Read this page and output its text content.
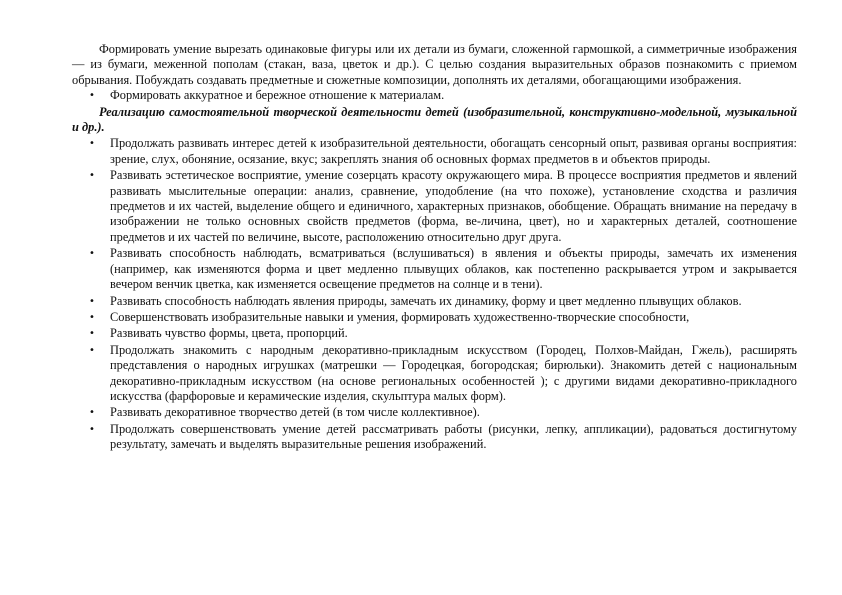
Формировать умение вырезать одинаковые фигуры или их детали из бумаги, сложенной гармошкой, а симметричные изображения — из бумаги, меженной пополам (стакан, ваза, цветок и др.). С целью создания выразительных образов познакомить с приемом обрывания. Побуждать создавать предметные и сюжетные композиции, дополнять их деталями, обогащающими изображения.

• Формировать аккуратное и бережное отношение к материалам.

Реализацию самостоятельной творческой деятельности детей (изобразительной, конструктивно-модельной, музыкальной и др.).

• Продолжать развивать интерес детей к изобразительной деятельности, обогащать сенсорный опыт, развивая органы восприятия: зрение, слух, обоняние, осязание, вкус; закреплять знания об основных формах предметов в и объектов природы.
• Развивать эстетическое восприятие, умение созерцать красоту окружающего мира. В процессе восприятия предметов и явлений развивать мыслительные операции: анализ, сравнение, уподобление (на что похоже), установление сходства и различия предметов и их частей, выделение общего и единичного, характерных признаков, обобщение. Обращать внимание на передачу в изображении не только основных свойств предметов (форма, ве-личина, цвет), но и характерных деталей, соотношение предметов и их частей по величине, высоте, расположению относительно друг друга.
• Развивать способность наблюдать, всматриваться (вслушиваться) в явления и объекты природы, замечать их изменения (например, как изменяются форма и цвет медленно плывущих облаков, как постепенно раскрывается утром и закрывается вечером венчик цветка, как изменяется освещение предметов на солнце и в тени).
• Развивать способность наблюдать явления природы, замечать их динамику, форму и цвет медленно плывущих облаков.
• Совершенствовать изобразительные навыки и умения, формировать художественно-творческие способности,
• Развивать чувство формы, цвета, пропорций.
• Продолжать знакомить с народным декоративно-прикладным искусством (Городец, Полхов-Майдан, Гжель), расширять представления о народных игрушках (матрешки — Городецкая, богородская; бирюльки). Знакомить детей с национальным декоративно-прикладным искусством (на основе региональных особенностей ); с другими видами декоративно-прикладного искусства (фарфоровые и керамические изделия, скульптура малых форм).
• Развивать декоративное творчество детей (в том числе коллективное).
• Продолжать совершенствовать умение детей рассматривать работы (рисунки, лепку, аппликации), радоваться достигнутому результату, замечать и выделять выразительные решения изображений.
